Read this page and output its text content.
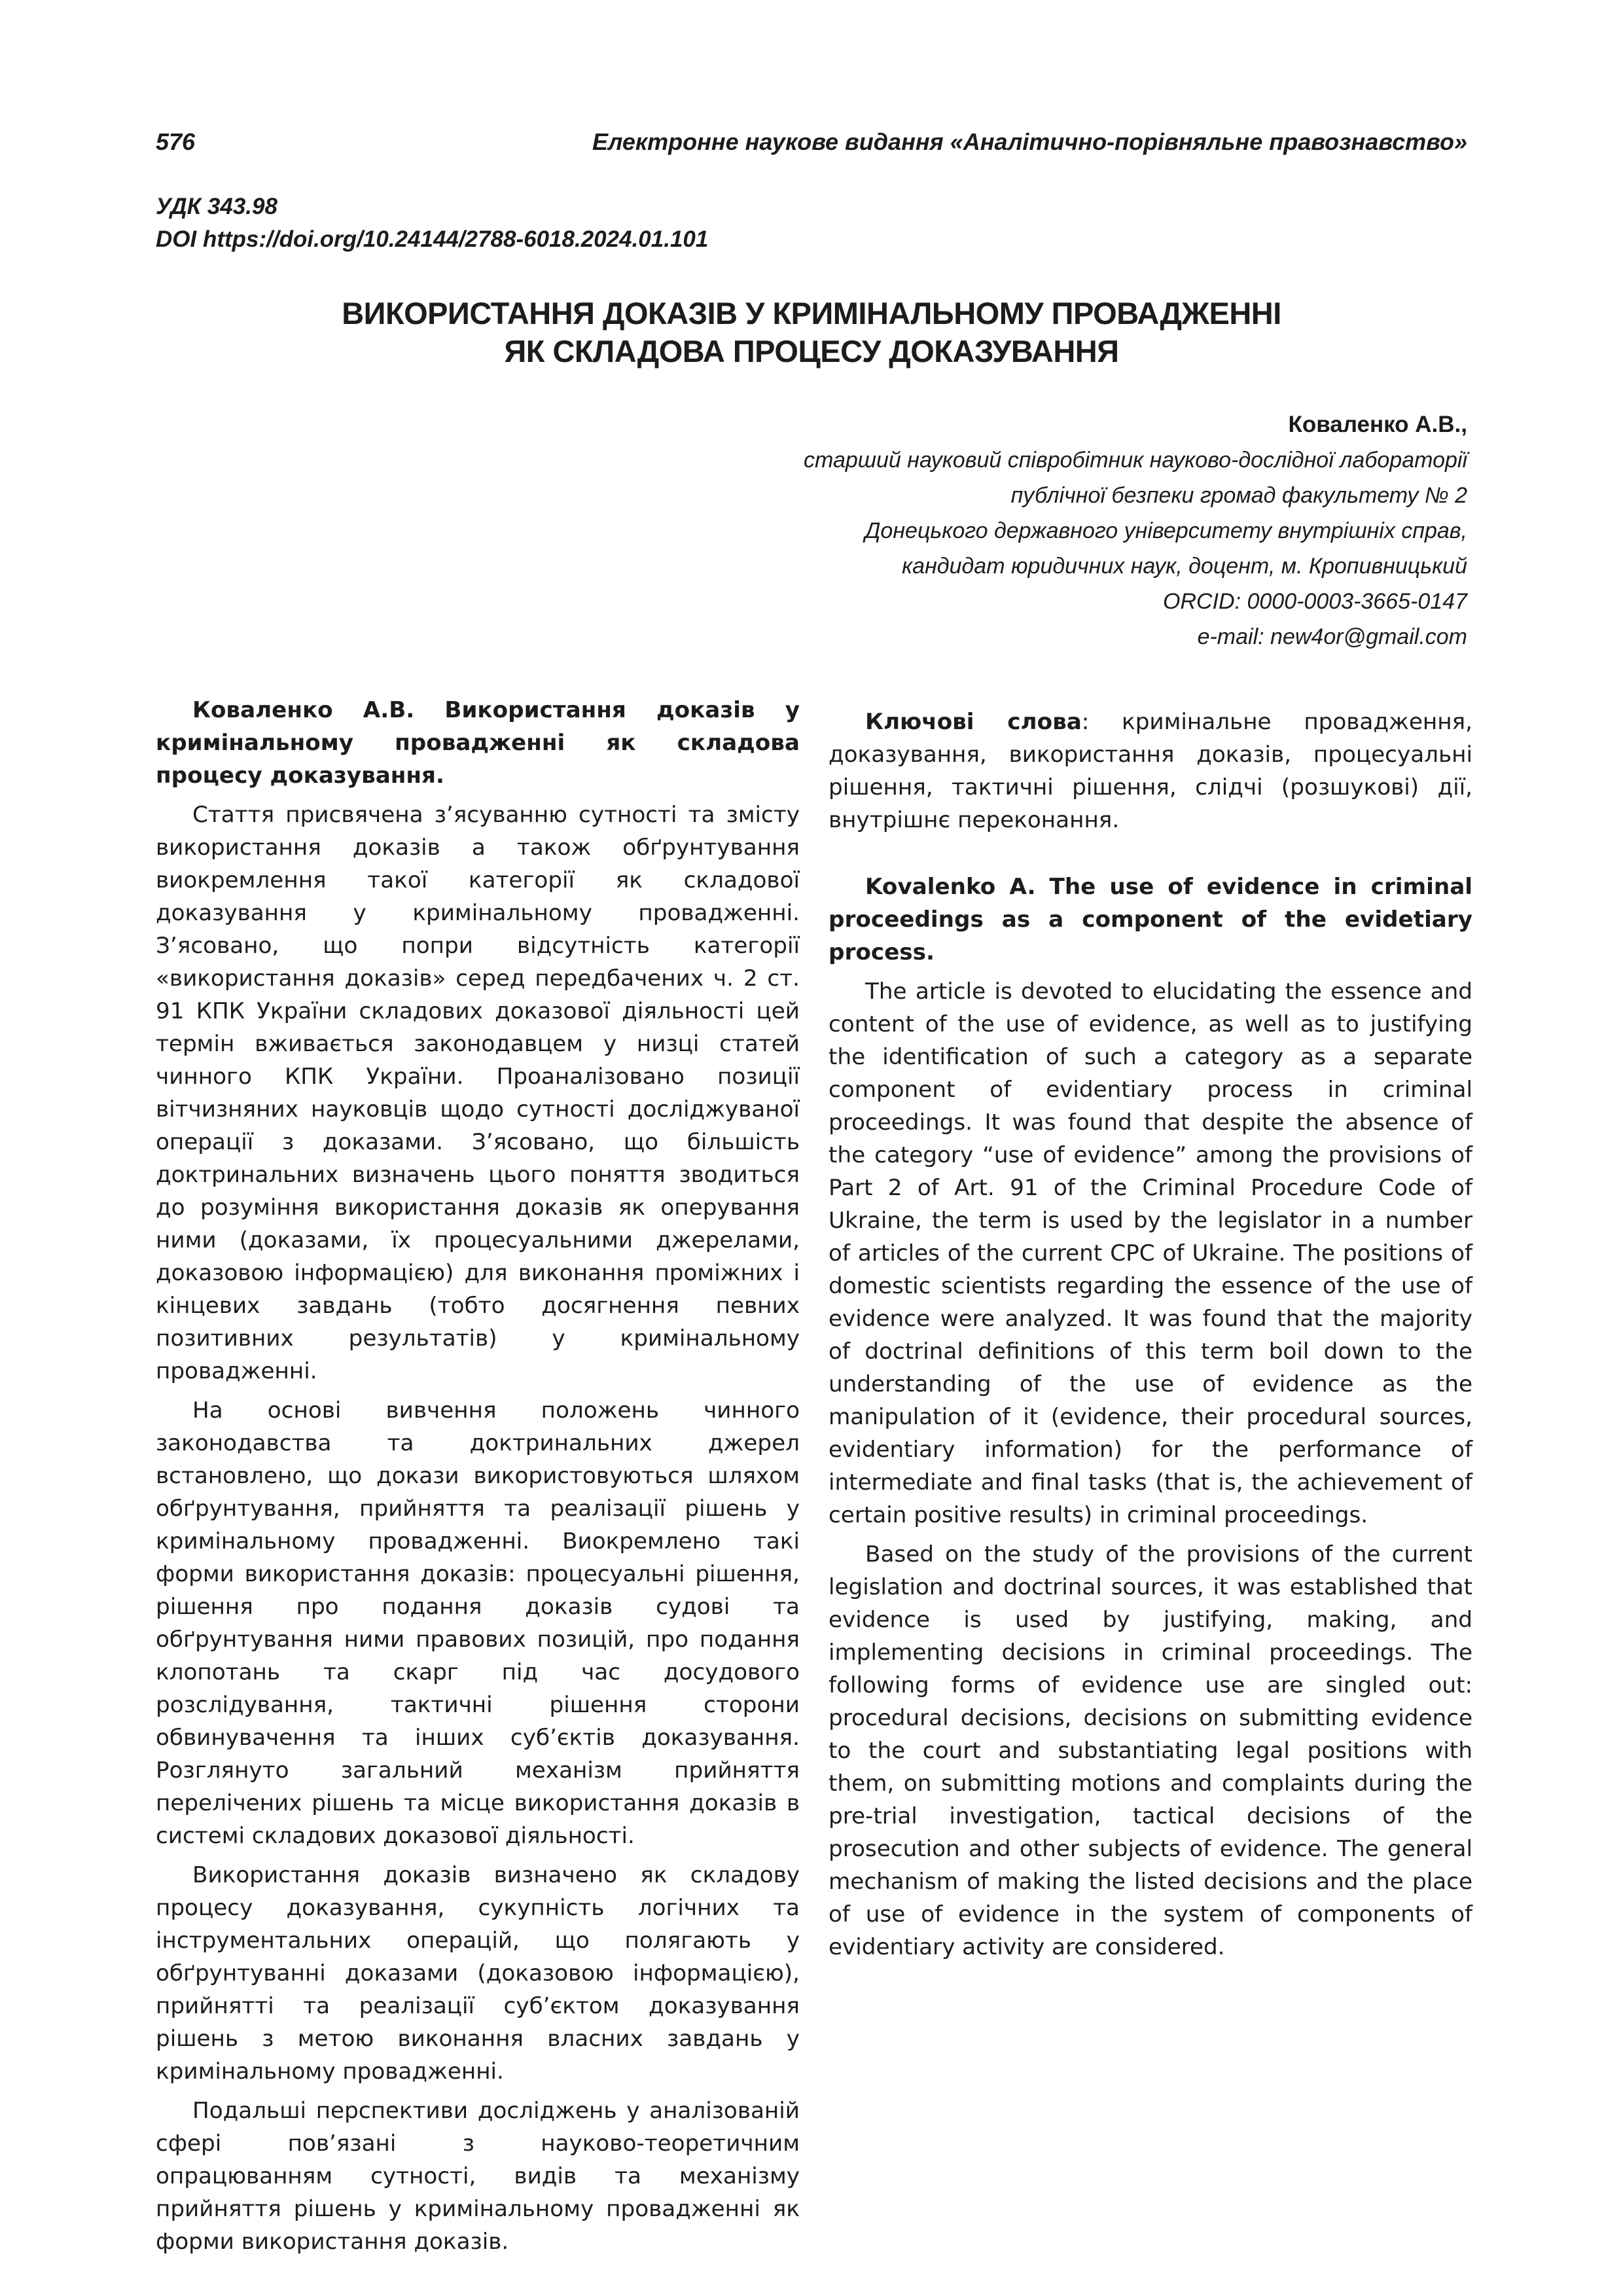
576	Електронне наукове видання «Аналітично-порівняльне правознавство»
УДК 343.98
DOI https://doi.org/10.24144/2788-6018.2024.01.101
ВИКОРИСТАННЯ ДОКАЗІВ У КРИМІНАЛЬНОМУ ПРОВАДЖЕННІ
ЯК СКЛАДОВА ПРОЦЕСУ ДОКАЗУВАННЯ
Коваленко А.В.,
старший науковий співробітник науково-дослідної лабораторії
публічної безпеки громад факультету № 2
Донецького державного університету внутрішніх справ,
кандидат юридичних наук, доцент, м. Кропивницький
ORCID: 0000-0003-3665-0147
e-mail: new4or@gmail.com

Коваленко А.В. Використання доказів у кримінальному провадженні як складова процесу доказування.

Стаття присвячена з’ясуванню сутності та змісту використання доказів а також обґрунтування виокремлення такої категорії як складової доказування у кримінальному провадженні. З’ясовано, що попри відсутність категорії «використання доказів» серед передбачених ч. 2 ст. 91 КПК України складових доказової діяльності цей термін вживається законодавцем у низці статей чинного КПК України. Проаналізовано позиції вітчизняних науковців щодо сутності досліджуваної операції з доказами. З’ясовано, що більшість доктринальних визначень цього поняття зводиться до розуміння використання доказів як оперування ними (доказами, їх процесуальними джерелами, доказовою інформацією) для виконання проміжних і кінцевих завдань (тобто досягнення певних позитивних результатів) у кримінальному провадженні.

На основі вивчення положень чинного законодавства та доктринальних джерел встановлено, що докази використовуються шляхом обґрунтування, прийняття та реалізації рішень у кримінальному провадженні. Виокремлено такі форми використання доказів: процесуальні рішення, рішення про подання доказів судові та обґрунтування ними правових позицій, про подання клопотань та скарг під час досудового розслідування, тактичні рішення сторони обвинувачення та інших суб’єктів доказування. Розглянуто загальний механізм прийняття перелічених рішень та місце використання доказів в системі складових доказової діяльності.

Використання доказів визначено як складову процесу доказування, сукупність логічних та інструментальних операцій, що полягають у обґрунтуванні доказами (доказовою інформацією), прийнятті та реалізації суб’єктом доказування рішень з метою виконання власних завдань у кримінальному провадженні.

Подальші перспективи досліджень у аналізованій сфері пов’язані з науково-теоретичним опрацюванням сутності, видів та механізму прийняття рішень у кримінальному провадженні як форми використання доказів.

Ключові слова: кримінальне провадження, доказування, використання доказів, процесуальні рішення, тактичні рішення, слідчі (розшукові) дії, внутрішнє переконання.

Kovalenko A. The use of evidence in criminal proceedings as a component of the evidetiary process.

The article is devoted to elucidating the essence and content of the use of evidence, as well as to justifying the identification of such a category as a separate component of evidentiary process in criminal proceedings. It was found that despite the absence of the category “use of evidence” among the provisions of Part 2 of Art. 91 of the Criminal Procedure Code of Ukraine, the term is used by the legislator in a number of articles of the current CPC of Ukraine. The positions of domestic scientists regarding the essence of the use of evidence were analyzed. It was found that the majority of doctrinal definitions of this term boil down to the understanding of the use of evidence as the manipulation of it (evidence, their procedural sources, evidentiary information) for the performance of intermediate and final tasks (that is, the achievement of certain positive results) in criminal proceedings.

Based on the study of the provisions of the current legislation and doctrinal sources, it was established that evidence is used by justifying, making, and implementing decisions in criminal proceedings. The following forms of evidence use are singled out: procedural decisions, decisions on submitting evidence to the court and substantiating legal positions with them, on submitting motions and complaints during the pre-trial investigation, tactical decisions of the prosecution and other subjects of evidence. The general mechanism of making the listed decisions and the place of use of evidence in the system of components of evidentiary activity are considered.
